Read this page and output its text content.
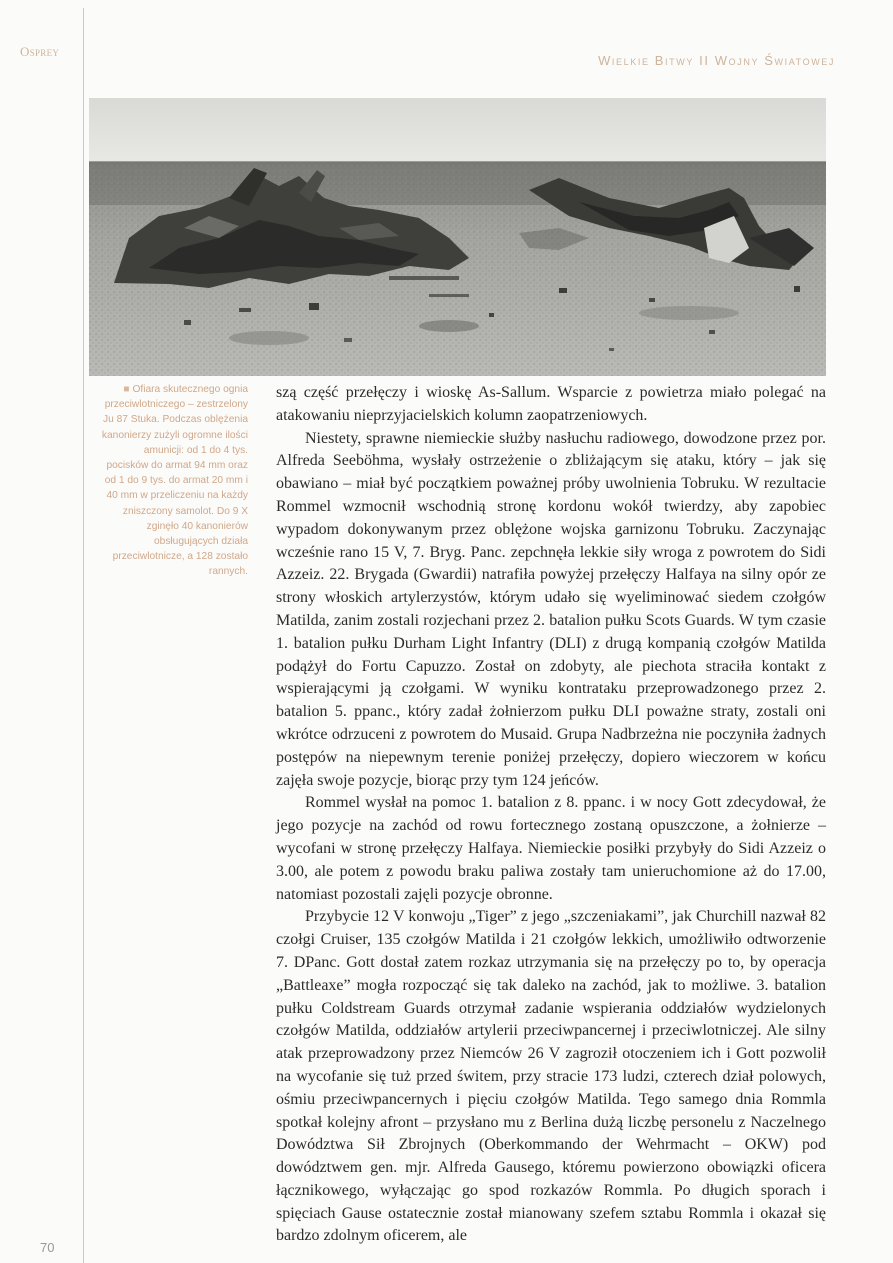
Osprey
Wielkie Bitwy II Wojny Światowej
■ Ofiara skutecznego ognia przeciwlotniczego – zestrzelony Ju 87 Stuka. Podczas oblężenia kanonierzy zużyli ogromne ilości amunicji: od 1 do 4 tys. pocisków do armat 94 mm oraz od 1 do 9 tys. do armat 20 mm i 40 mm w przeliczeniu na każdy zniszczony samolot. Do 9 X zginęło 40 kanonierów obsługujących działa przeciwlotnicze, a 128 zostało rannych.

szą część przełęczy i wioskę As-Sallum. Wsparcie z powietrza miało polegać na atakowaniu nieprzyjacielskich kolumn zaopatrzeniowych.

Niestety, sprawne niemieckie służby nasłuchu radiowego, dowodzone przez por. Alfreda Seeböhma, wysłały ostrzeżenie o zbliżającym się ataku, który – jak się obawiano – miał być początkiem poważnej próby uwolnienia Tobruku. W rezultacie Rommel wzmocnił wschodnią stronę kordonu wokół twierdzy, aby zapobiec wypadom dokonywanym przez oblężone wojska garnizonu Tobruku. Zaczynając wcześnie rano 15 V, 7. Bryg. Panc. zepchnęła lekkie siły wroga z powrotem do Sidi Azzeiz. 22. Brygada (Gwardii) natrafiła powyżej przełęczy Halfaya na silny opór ze strony włoskich artylerzystów, którym udało się wyeliminować siedem czołgów Matilda, zanim zostali rozjechani przez 2. batalion pułku Scots Guards. W tym czasie 1. batalion pułku Durham Light Infantry (DLI) z drugą kompanią czołgów Matilda podążył do Fortu Capuzzo. Został on zdobyty, ale piechota straciła kontakt z wspierającymi ją czołgami. W wyniku kontrataku przeprowadzonego przez 2. batalion 5. ppanc., który zadał żołnierzom pułku DLI poważne straty, zostali oni wkrótce odrzuceni z powrotem do Musaid. Grupa Nadbrzeżna nie poczyniła żadnych postępów na niepewnym terenie poniżej przełęczy, dopiero wieczorem w końcu zajęła swoje pozycje, biorąc przy tym 124 jeńców.

Rommel wysłał na pomoc 1. batalion z 8. ppanc. i w nocy Gott zdecydował, że jego pozycje na zachód od rowu fortecznego zostaną opuszczone, a żołnierze – wycofani w stronę przełęczy Halfaya. Niemieckie posiłki przybyły do Sidi Azzeiz o 3.00, ale potem z powodu braku paliwa zostały tam unieruchomione aż do 17.00, natomiast pozostali zajęli pozycje obronne.

Przybycie 12 V konwoju „Tiger” z jego „szczeniakami”, jak Churchill nazwał 82 czołgi Cruiser, 135 czołgów Matilda i 21 czołgów lekkich, umożliwiło odtworzenie 7. DPanc. Gott dostał zatem rozkaz utrzymania się na przełęczy po to, by operacja „Battleaxe” mogła rozpocząć się tak daleko na zachód, jak to możliwe. 3. batalion pułku Coldstream Guards otrzymał zadanie wspierania oddziałów wydzielonych czołgów Matilda, oddziałów artylerii przeciwpancernej i przeciwlotniczej. Ale silny atak przeprowadzony przez Niemców 26 V zagroził otoczeniem ich i Gott pozwolił na wycofanie się tuż przed świtem, przy stracie 173 ludzi, czterech dział polowych, ośmiu przeciwpancernych i pięciu czołgów Matilda. Tego samego dnia Rommla spotkał kolejny afront – przysłano mu z Berlina dużą liczbę personelu z Naczelnego Dowództwa Sił Zbrojnych (Oberkommando der Wehrmacht – OKW) pod dowództwem gen. mjr. Alfreda Gausego, któremu powierzono obowiązki oficera łącznikowego, wyłączając go spod rozkazów Rommla. Po długich sporach i spięciach Gause ostatecznie został mianowany szefem sztabu Rommla i okazał się bardzo zdolnym oficerem, ale

70
